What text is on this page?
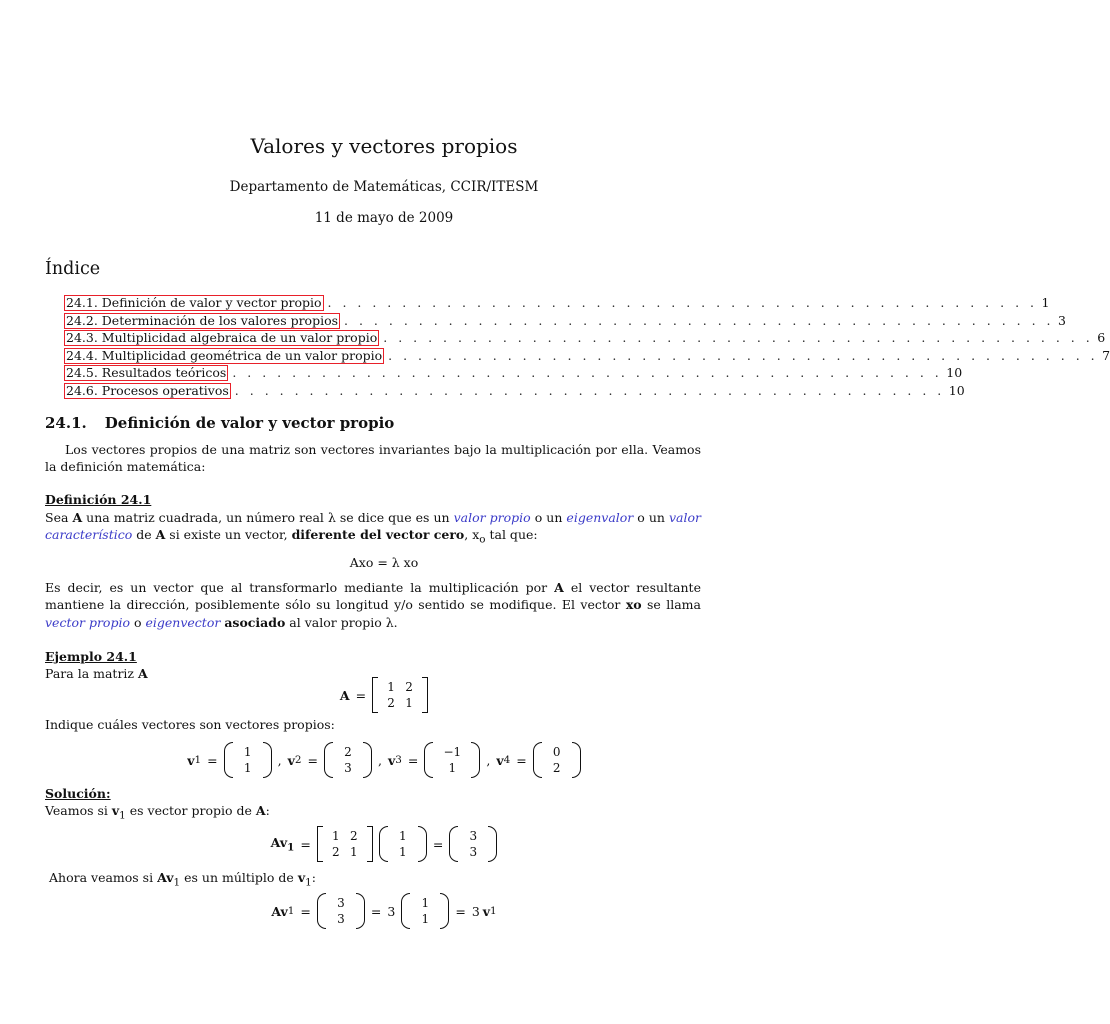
Valores y vectores propios
Departamento de Matemáticas, CCIR/ITESM
11 de mayo de 2009
Índice
24.1. Definición de valor y vector propio . . . . . . . . . . . . . . . . . . . . . . . . . . . . . . . . . . . . . . . . . . . . . . . . 1
24.2. Determinación de los valores propios . . . . . . . . . . . . . . . . . . . . . . . . . . . . . . . . . . . . . . . . . . . . . . . . 3
24.3. Multiplicidad algebraica de un valor propio . . . . . . . . . . . . . . . . . . . . . . . . . . . . . . . . . . . . . . . . . . . . . . . . 6
24.4. Multiplicidad geométrica de un valor propio . . . . . . . . . . . . . . . . . . . . . . . . . . . . . . . . . . . . . . . . . . . . . . . . 7
24.5. Resultados teóricos . . . . . . . . . . . . . . . . . . . . . . . . . . . . . . . . . . . . . . . . . . . . . . . . 10
24.6. Procesos operativos . . . . . . . . . . . . . . . . . . . . . . . . . . . . . . . . . . . . . . . . . . . . . . . . 10
24.1. Definición de valor y vector propio
Los vectores propios de una matriz son vectores invariantes bajo la multiplicación por ella. Veamos la definición matemática:
Definición 24.1
Sea A una matriz cuadrada, un número real λ se dice que es un valor propio o un eigenvalor o un valor característico de A si existe un vector, diferente del vector cero, $x_o$ tal que:
Axo = λ xo
Es decir, es un vector que al transformarlo mediante la multiplicación por A el vector resultante mantiene la dirección, posiblemente sólo su longitud y/o sentido se modifique. El vector xo se llama vector propio o eigenvector asociado al valor propio λ.
Ejemplo 24.1
Para la matriz A
A =
1 2
2 1
Indique cuáles vectores son vectores propios:
v 1 =
1
1
, v 2 =
2
3
, v 3 =
−1
1
, v 4 =
0
2
Solución:
Veamos si $v_1$ es vector propio de A:
$Av_1$ =
1 2
2 1
1
1
=
3
3
Ahora veamos si $Av_1$ es un múltiplo de $v_1$:
Av 1 =
3
3
= 3
1
1
= 3 v 1
